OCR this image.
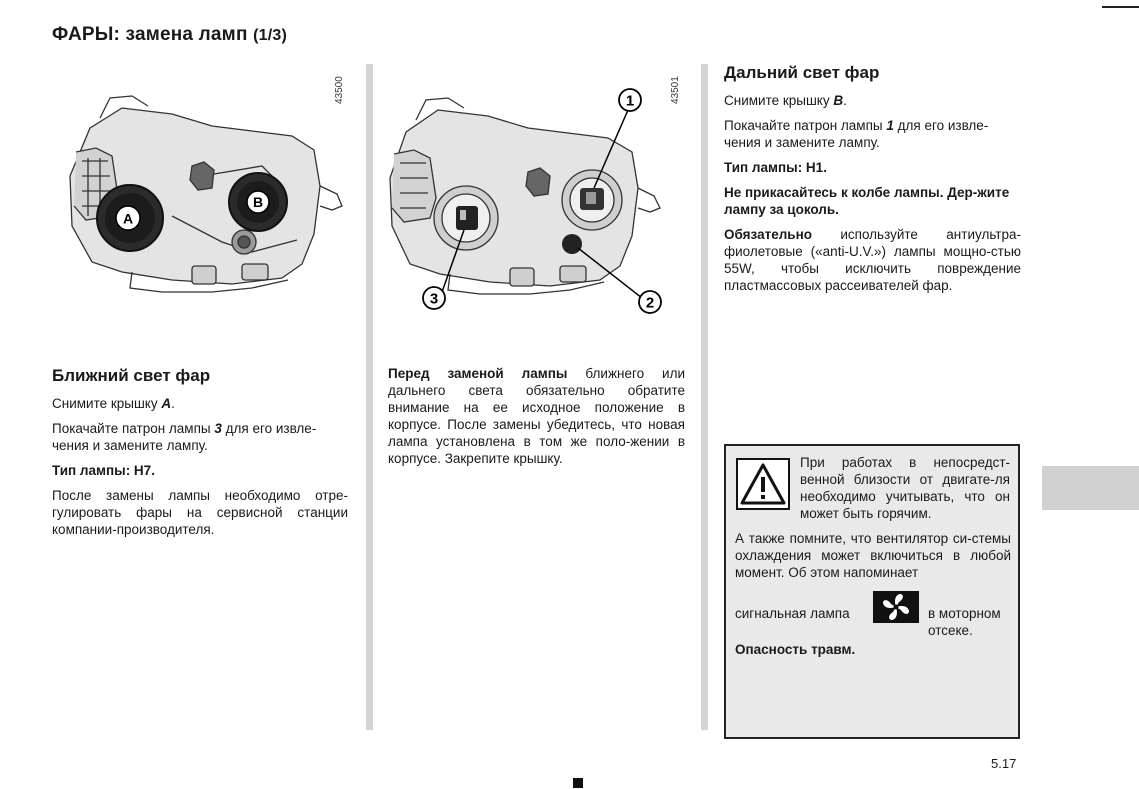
ФАРЫ: замена ламп (1/3)
A
B
43500	1
2
3
43501
Ближний свет фар

Снимите крышку A.

Покачайте патрон лампы 3 для его извле-чения и замените лампу.

Тип лампы: H7.

После замены лампы необходимо отре-гулировать фары на сервисной станции компании-производителя.

Перед заменой лампы ближнего или дальнего света обязательно обратите внимание на ее исходное положение в корпусе. После замены убедитесь, что новая лампа установлена в том же поло-жении в корпусе. Закрепите крышку.

Дальний свет фар

Снимите крышку B.

Покачайте патрон лампы 1 для его извле-чения и замените лампу.

Тип лампы: H1.

Не прикасайтесь к колбе лампы. Дер-жите лампу за цоколь.

Обязательно используйте антиультра-фиолетовые («anti-U.V.») лампы мощно-стью 55W, чтобы исключить повреждение пластмассовых рассеивателей фар.

При работах в непосредст-венной близости от двигате-ля необходимо учитывать, что он может быть горячим.

А также помните, что вентилятор си-стемы охлаждения может включиться в любой момент. Об этом напоминает

сигнальная лампа	в моторном отсеке.

Опасность травм.

5.17
